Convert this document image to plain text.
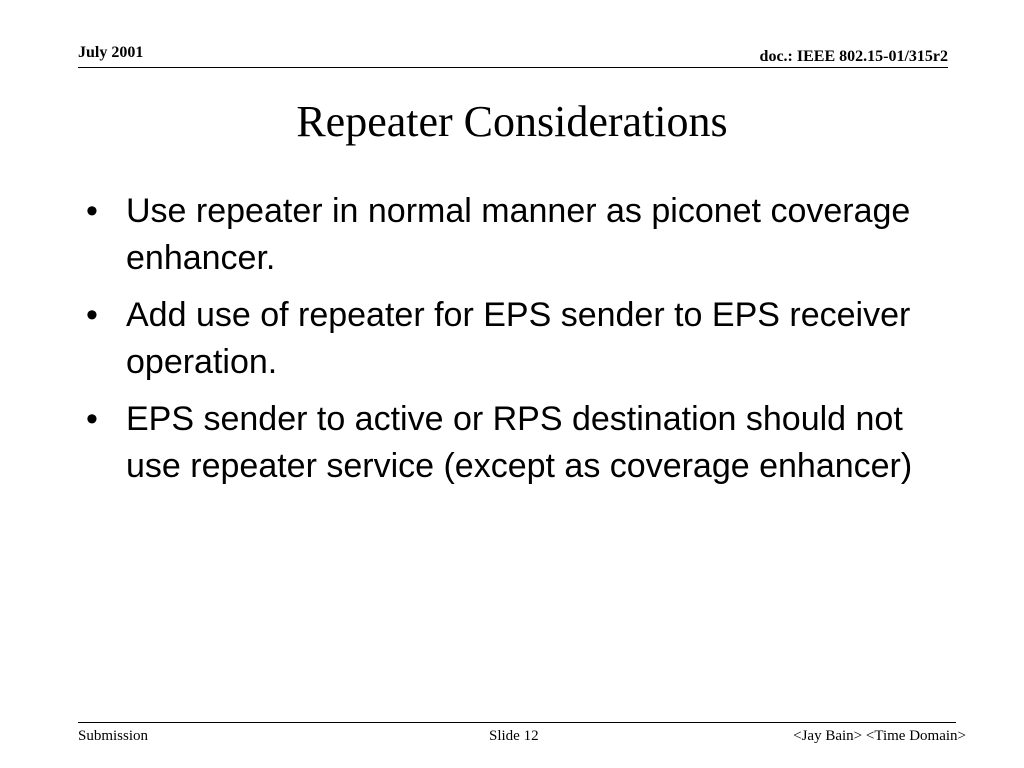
July 2001	doc.: IEEE 802.15-01/315r2
Repeater Considerations
• Use repeater in normal manner as piconet coverage enhancer.
• Add use of repeater for EPS sender to EPS receiver operation.
• EPS sender to active or RPS destination should not use repeater service (except as coverage enhancer)
Submission	Slide 12	<Jay Bain> <Time Domain>
